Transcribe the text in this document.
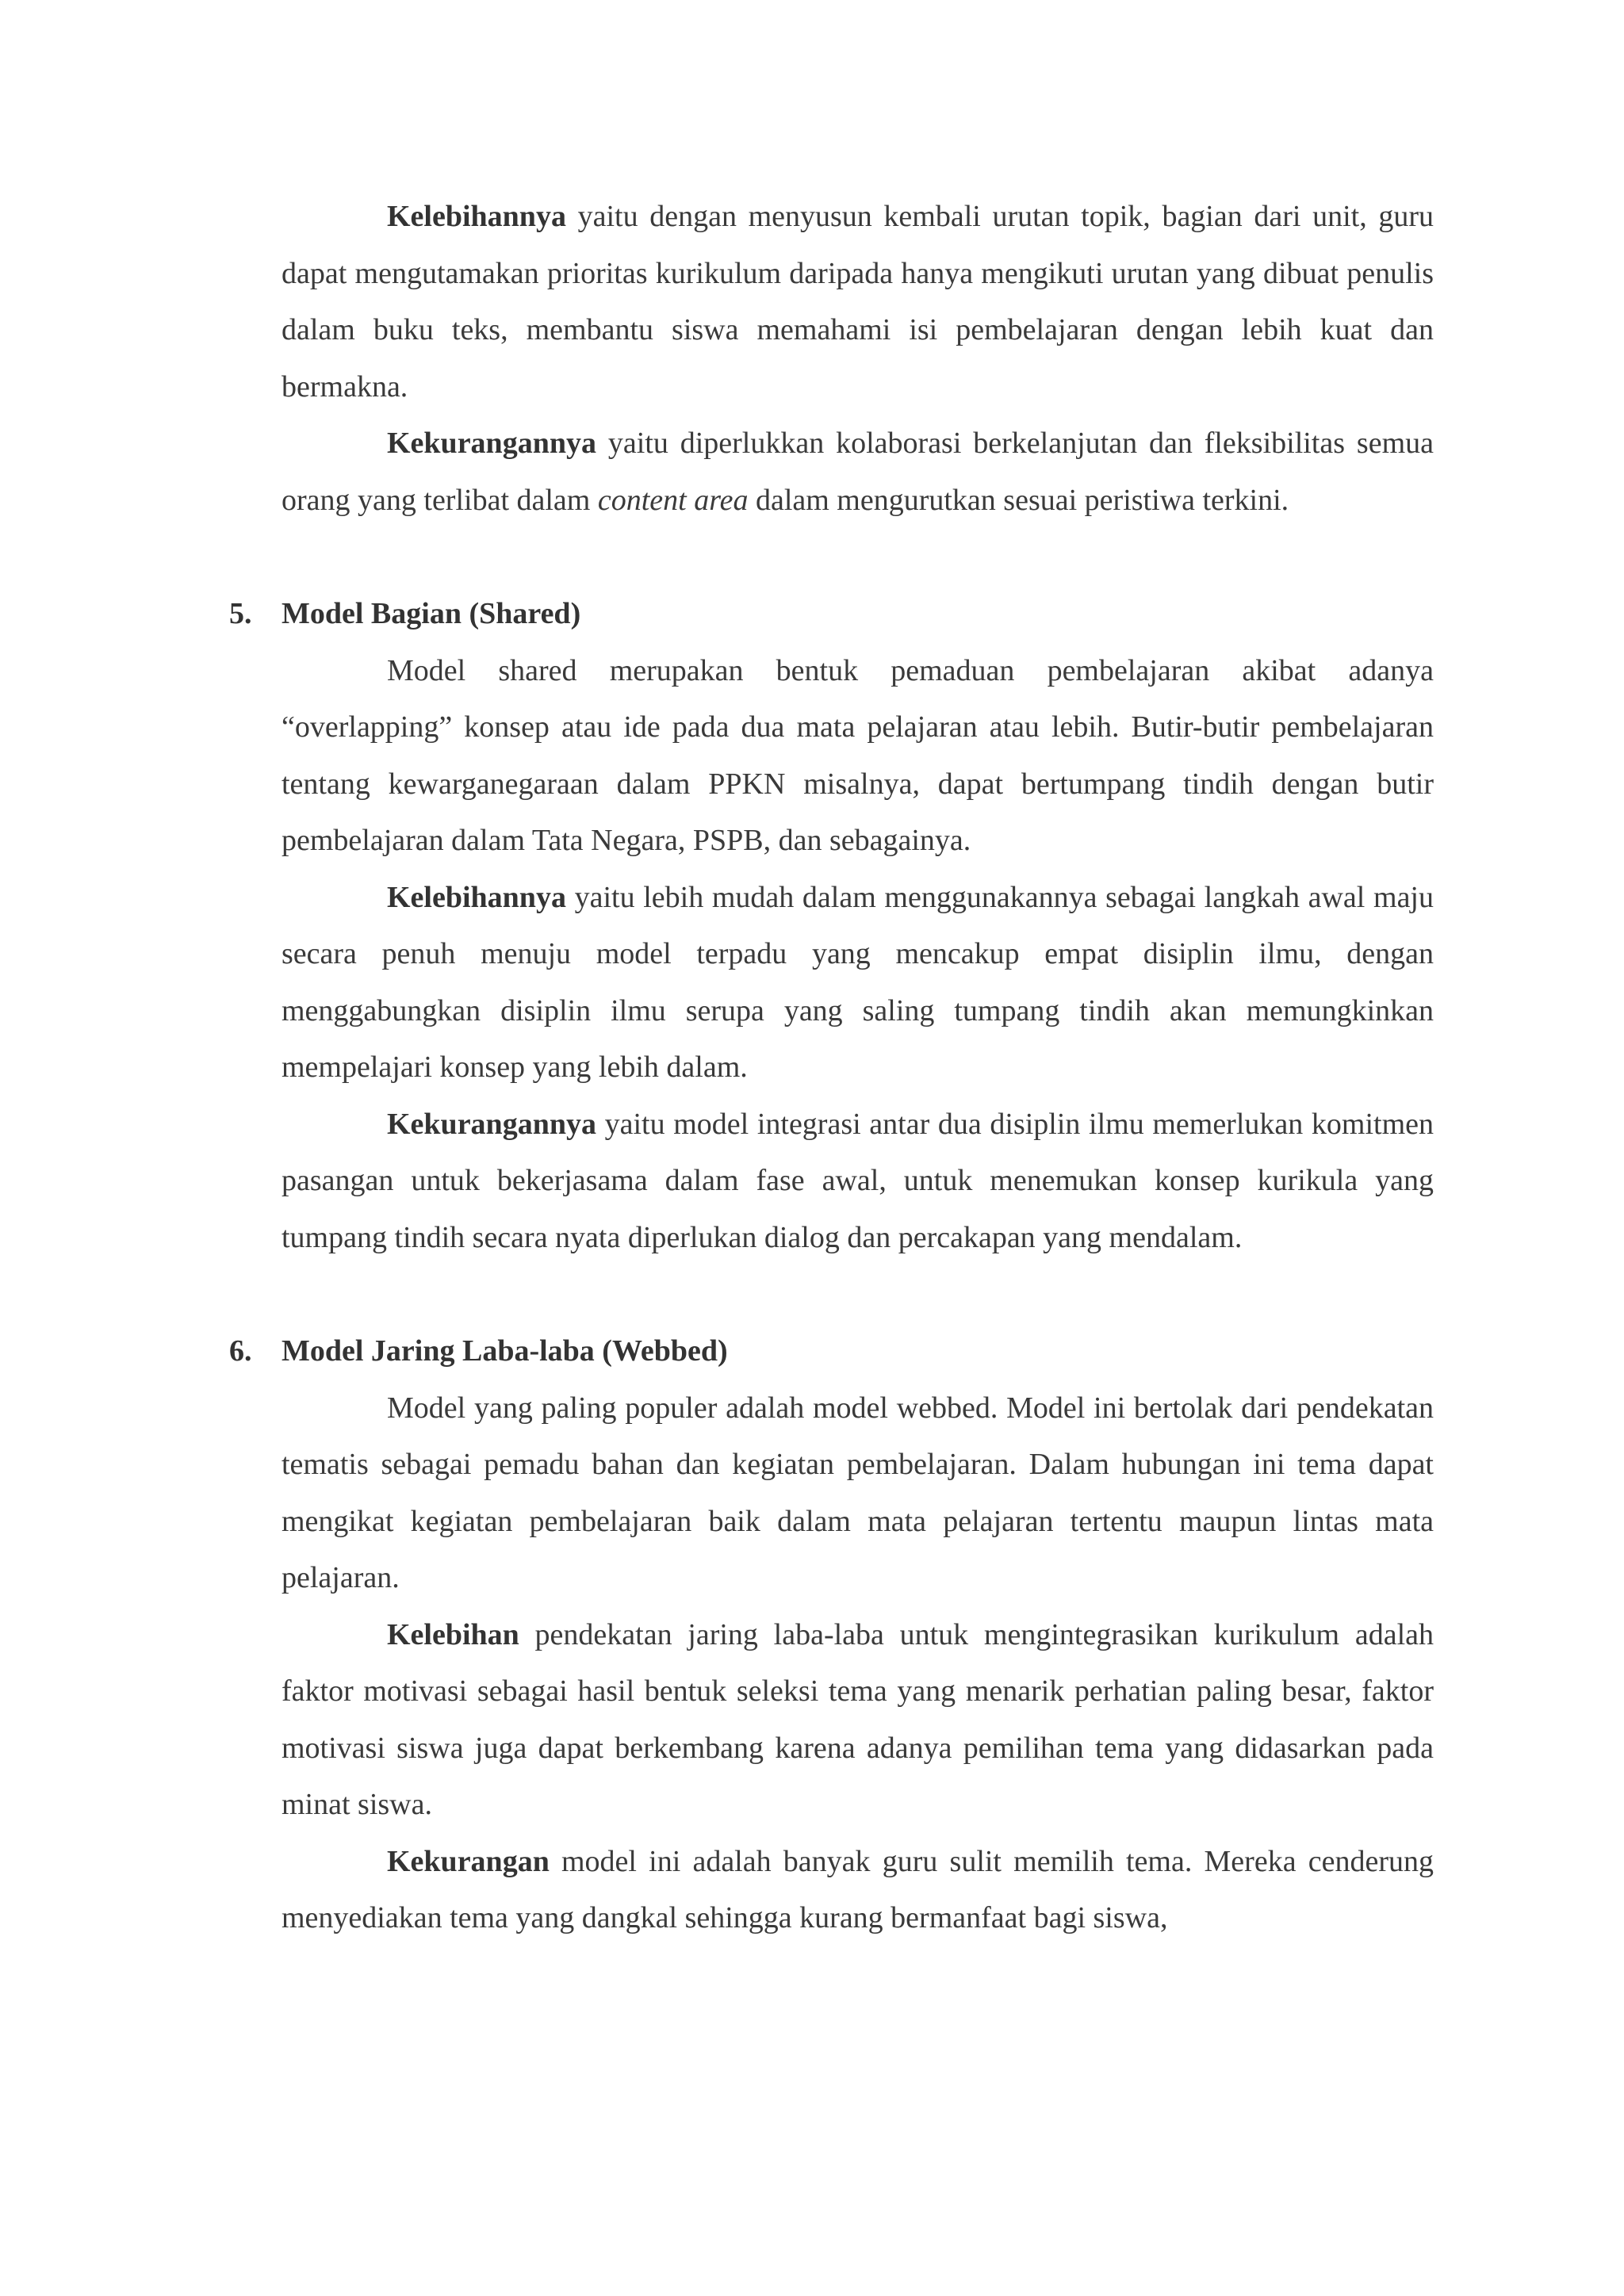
Kelebihannya yaitu dengan menyusun kembali urutan topik, bagian dari unit, guru dapat mengutamakan prioritas kurikulum daripada hanya mengikuti urutan yang dibuat penulis dalam buku teks, membantu siswa memahami isi pembelajaran dengan lebih kuat dan bermakna.

Kekurangannya yaitu diperlukkan kolaborasi berkelanjutan dan fleksibilitas semua orang yang terlibat dalam content area dalam mengurutkan sesuai peristiwa terkini.

5. Model Bagian (Shared)

Model shared merupakan bentuk pemaduan pembelajaran akibat adanya “overlapping” konsep atau ide pada dua mata pelajaran atau lebih. Butir-butir pembelajaran tentang kewarganegaraan dalam PPKN misalnya, dapat bertumpang tindih dengan butir pembelajaran dalam Tata Negara, PSPB, dan sebagainya.

Kelebihannya yaitu lebih mudah dalam menggunakannya sebagai langkah awal maju secara penuh menuju model terpadu yang mencakup empat disiplin ilmu, dengan menggabungkan disiplin ilmu serupa yang saling tumpang tindih akan memungkinkan mempelajari konsep yang lebih dalam.

Kekurangannya yaitu model integrasi antar dua disiplin ilmu memerlukan komitmen pasangan untuk bekerjasama dalam fase awal, untuk menemukan konsep kurikula yang tumpang tindih secara nyata diperlukan dialog dan percakapan yang mendalam.

6. Model Jaring Laba-laba (Webbed)

Model yang paling populer adalah model webbed. Model ini bertolak dari pendekatan tematis sebagai pemadu bahan dan kegiatan pembelajaran. Dalam hubungan ini tema dapat mengikat kegiatan pembelajaran baik dalam mata pelajaran tertentu maupun lintas mata pelajaran.

Kelebihan pendekatan jaring laba-laba untuk mengintegrasikan kurikulum adalah faktor motivasi sebagai hasil bentuk seleksi tema yang menarik perhatian paling besar, faktor motivasi siswa juga dapat berkembang karena adanya pemilihan tema yang didasarkan pada minat siswa.

Kekurangan model ini adalah banyak guru sulit memilih tema. Mereka cenderung menyediakan tema yang dangkal sehingga kurang bermanfaat bagi siswa,
